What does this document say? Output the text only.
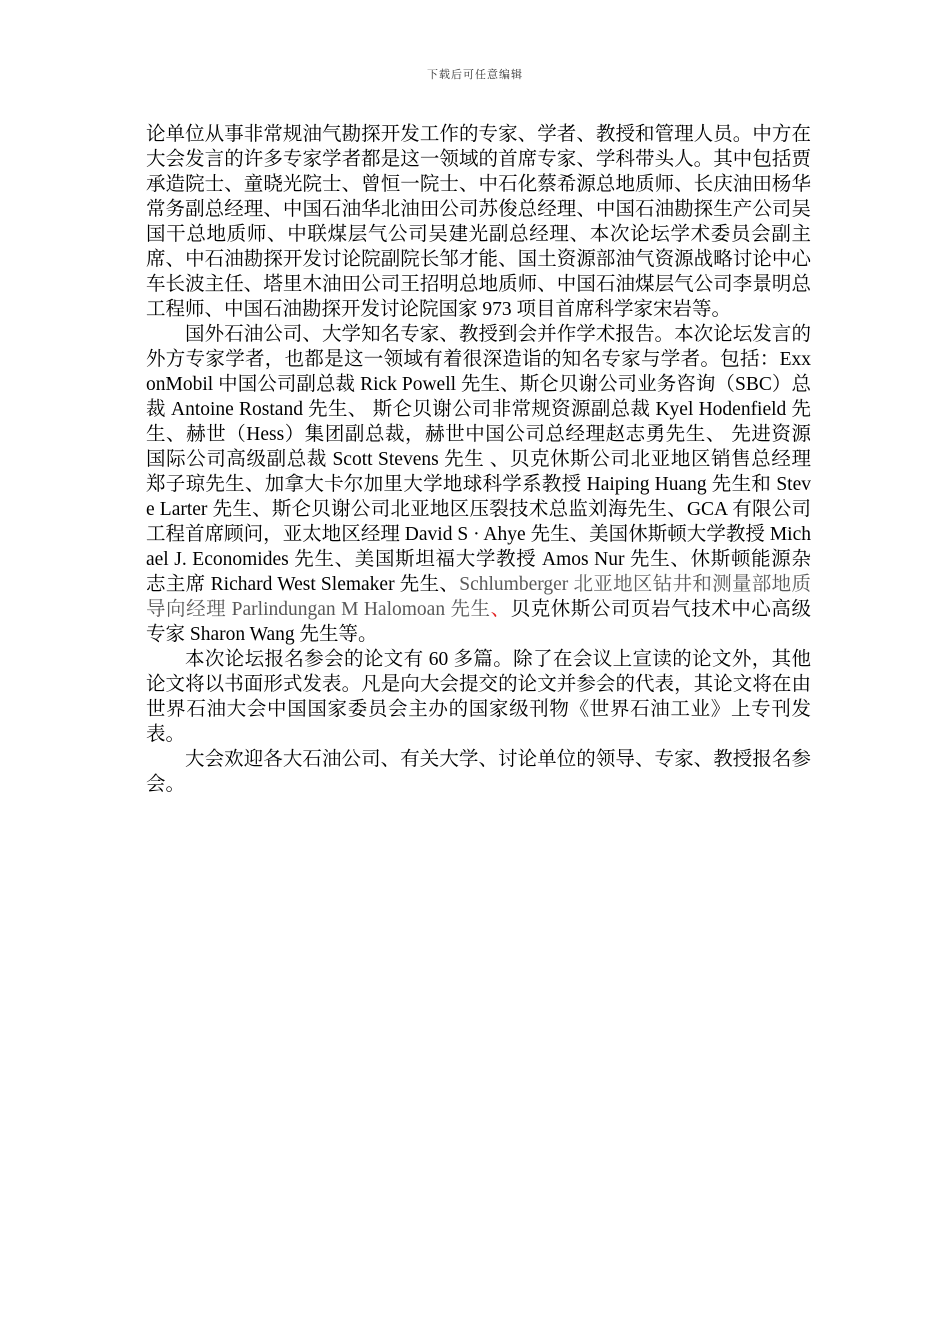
下载后可任意编辑

论单位从事非常规油气勘探开发工作的专家、学者、教授和管理人员。中方在大会发言的许多专家学者都是这一领域的首席专家、学科带头人。其中包括贾承造院士、童晓光院士、曾恒一院士、中石化蔡希源总地质师、长庆油田杨华常务副总经理、中国石油华北油田公司苏俊总经理、中国石油勘探生产公司吴国干总地质师、中联煤层气公司吴建光副总经理、本次论坛学术委员会副主席、中石油勘探开发讨论院副院长邹才能、国土资源部油气资源战略讨论中心车长波主任、塔里木油田公司王招明总地质师、中国石油煤层气公司李景明总工程师、中国石油勘探开发讨论院国家 973 项目首席科学家宋岩等。

国外石油公司、大学知名专家、教授到会并作学术报告。本次论坛发言的外方专家学者，也都是这一领域有着很深造诣的知名专家与学者。包括：ExxonMobil 中国公司副总裁 Rick Powell 先生、斯仑贝谢公司业务咨询（SBC）总裁 Antoine Rostand 先生、 斯仑贝谢公司非常规资源副总裁 Kyel Hodenfield 先生、赫世（Hess）集团副总裁，赫世中国公司总经理赵志勇先生、 先进资源国际公司高级副总裁 Scott Stevens 先生 、贝克休斯公司北亚地区销售总经理郑子琼先生、加拿大卡尔加里大学地球科学系教授 Haiping Huang 先生和 Steve Larter 先生、斯仑贝谢公司北亚地区压裂技术总监刘海先生、GCA 有限公司工程首席顾问，亚太地区经理 David S · Ahye 先生、美国休斯顿大学教授 Michael J. Economides 先生、美国斯坦福大学教授 Amos Nur 先生、休斯顿能源杂志主席 Richard West Slemaker 先生、Schlumberger 北亚地区钻井和测量部地质导向经理 Parlindungan M Halomoan 先生、贝克休斯公司页岩气技术中心高级专家 Sharon Wang 先生等。

本次论坛报名参会的论文有 60 多篇。除了在会议上宣读的论文外，其他论文将以书面形式发表。凡是向大会提交的论文并参会的代表，其论文将在由世界石油大会中国国家委员会主办的国家级刊物《世界石油工业》上专刊发表。

大会欢迎各大石油公司、有关大学、讨论单位的领导、专家、教授报名参会。
